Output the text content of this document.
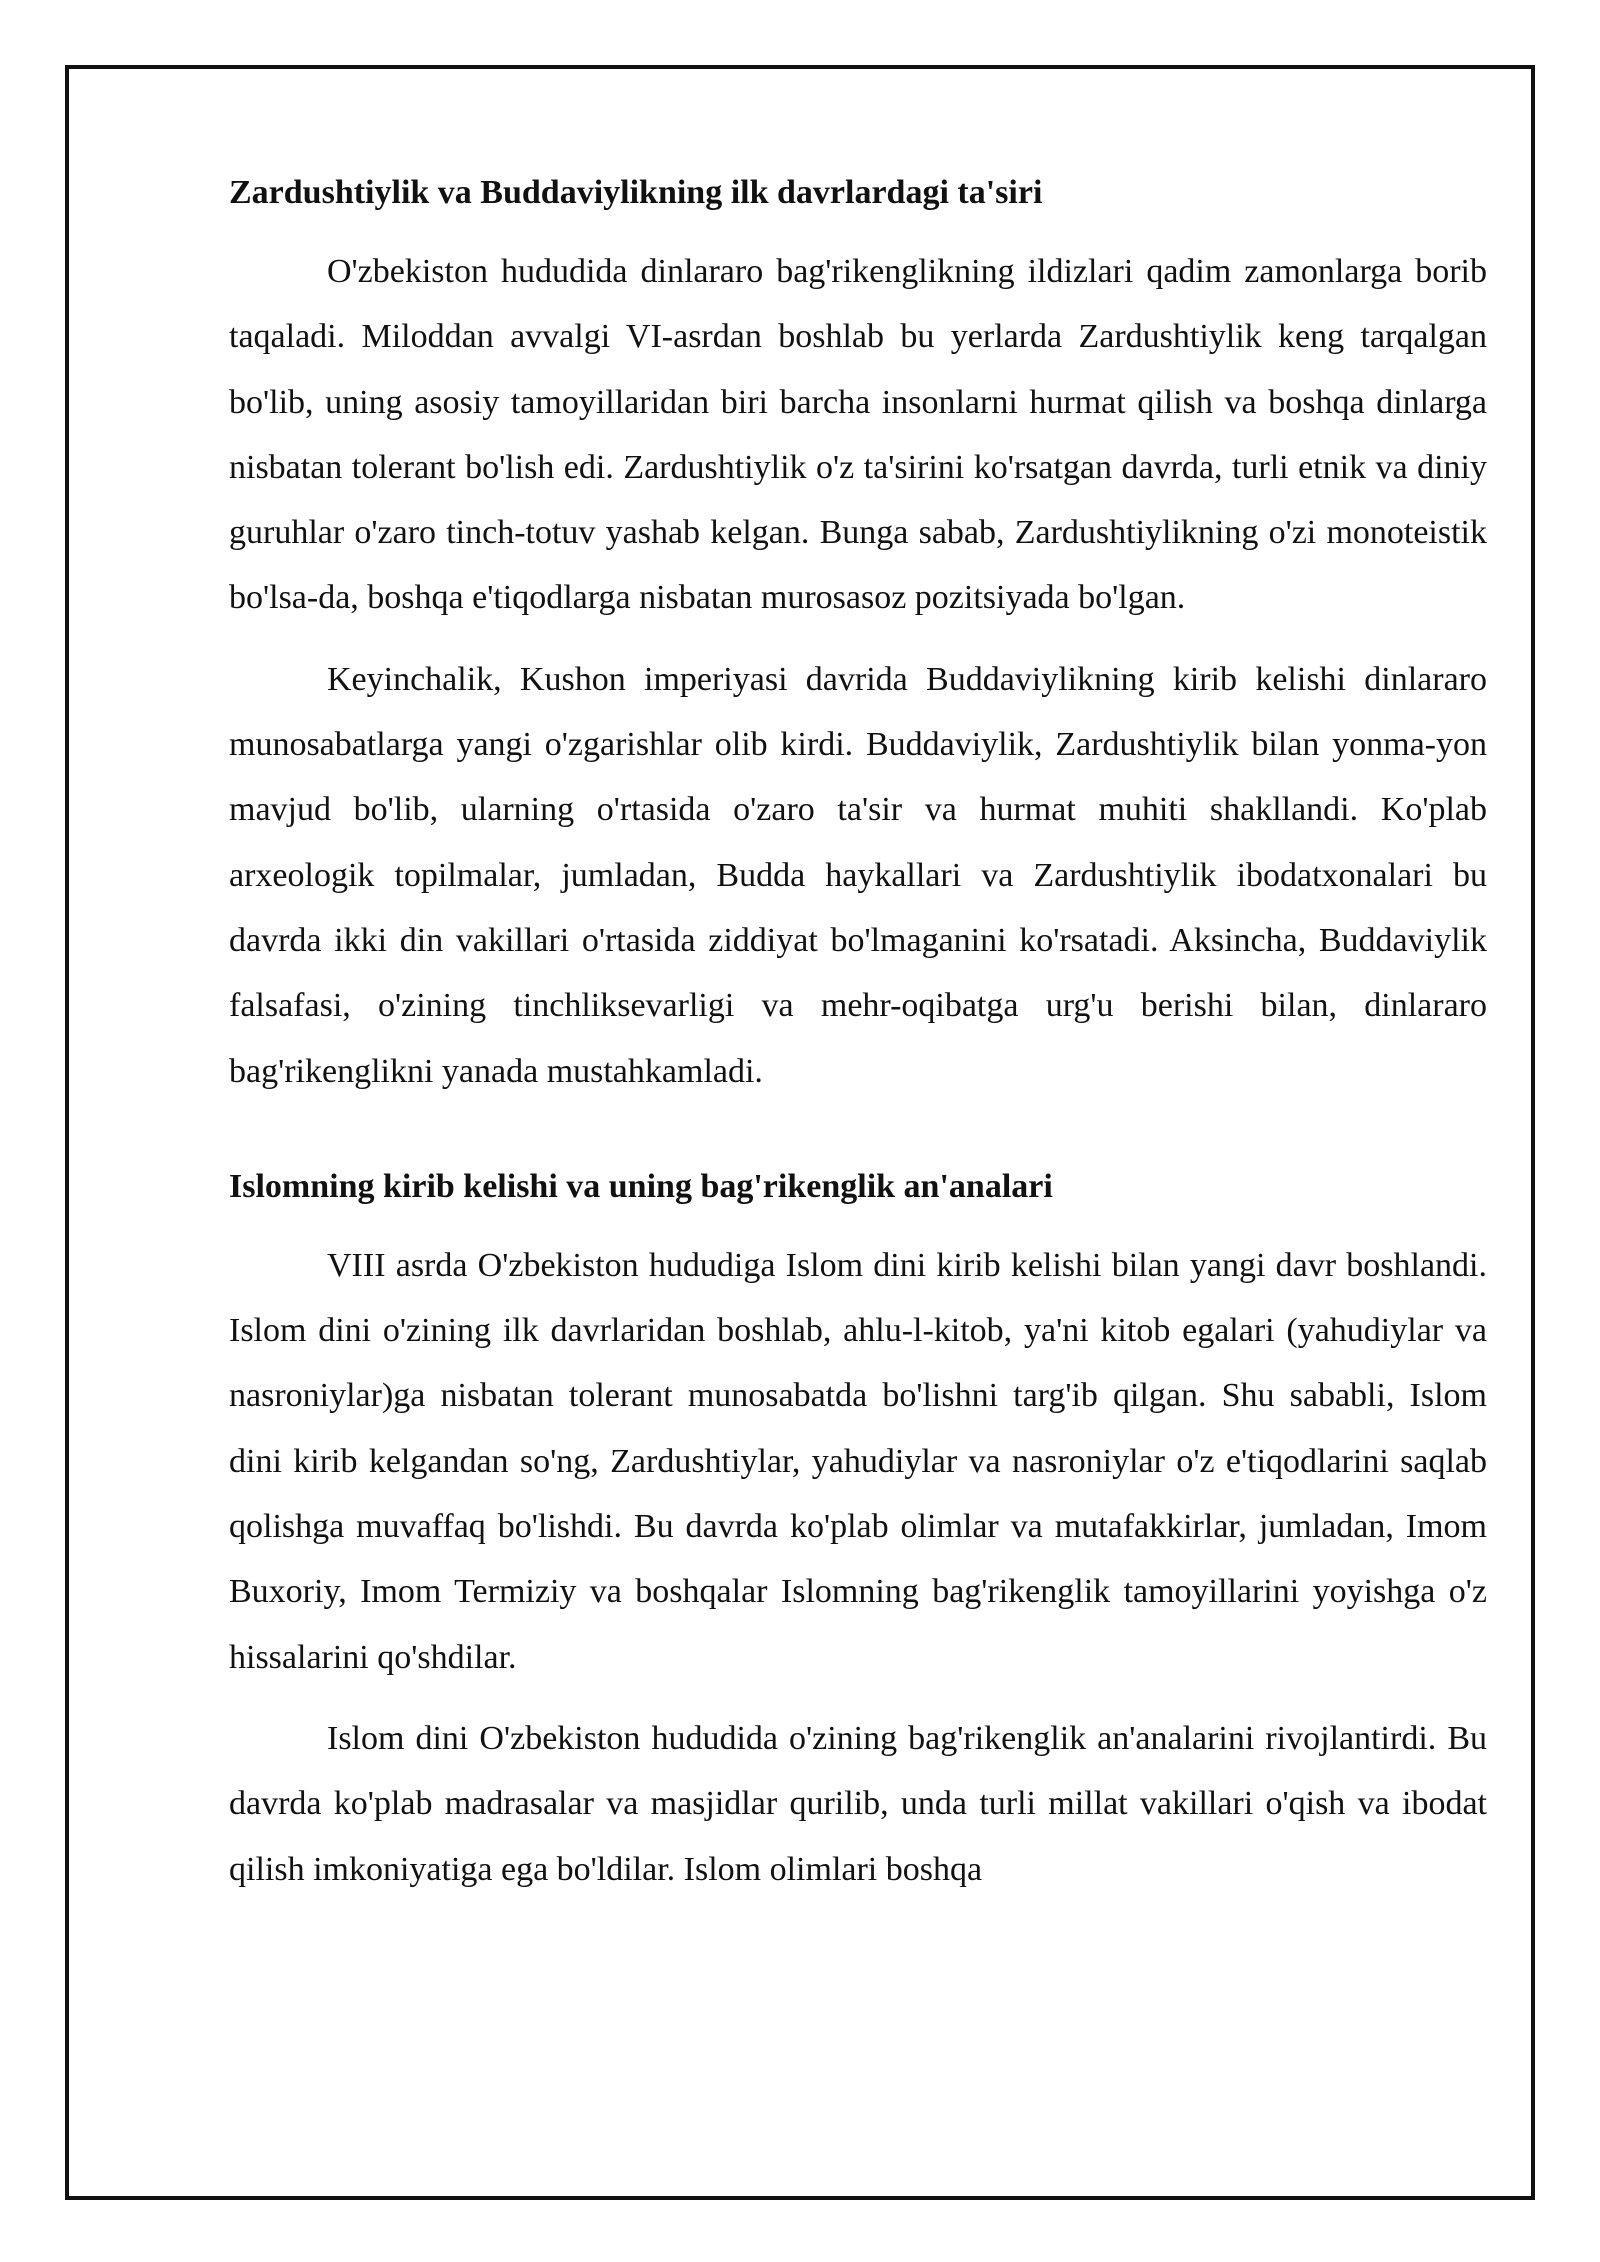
Zardushtiylik va Buddaviylikning ilk davrlardagi ta'siri

O'zbekiston hududida dinlararo bag'rikenglikning ildizlari qadim zamonlarga borib taqaladi. Miloddan avvalgi VI-asrdan boshlab bu yerlarda Zardushtiylik keng tarqalgan bo'lib, uning asosiy tamoyillaridan biri barcha insonlarni hurmat qilish va boshqa dinlarga nisbatan tolerant bo'lish edi. Zardushtiylik o'z ta'sirini ko'rsatgan davrda, turli etnik va diniy guruhlar o'zaro tinch-totuv yashab kelgan. Bunga sabab, Zardushtiylikning o'zi monoteistik bo'lsa-da, boshqa e'tiqodlarga nisbatan murosasoz pozitsiyada bo'lgan.

Keyinchalik, Kushon imperiyasi davrida Buddaviylikning kirib kelishi dinlararo munosabatlarga yangi o'zgarishlar olib kirdi. Buddaviylik, Zardushtiylik bilan yonma-yon mavjud bo'lib, ularning o'rtasida o'zaro ta'sir va hurmat muhiti shakllandi. Ko'plab arxeologik topilmalar, jumladan, Budda haykallari va Zardushtiylik ibodatxonalari bu davrda ikki din vakillari o'rtasida ziddiyat bo'lmaganini ko'rsatadi. Aksincha, Buddaviylik falsafasi, o'zining tinchliksevarligi va mehr-oqibatga urg'u berishi bilan, dinlararo bag'rikenglikni yanada mustahkamladi.

Islomning kirib kelishi va uning bag'rikenglik an'analari

VIII asrda O'zbekiston hududiga Islom dini kirib kelishi bilan yangi davr boshlandi. Islom dini o'zining ilk davrlaridan boshlab, ahlu-l-kitob, ya'ni kitob egalari (yahudiylar va nasroniylar)ga nisbatan tolerant munosabatda bo'lishni targ'ib qilgan. Shu sababli, Islom dini kirib kelgandan so'ng, Zardushtiylar, yahudiylar va nasroniylar o'z e'tiqodlarini saqlab qolishga muvaffaq bo'lishdi. Bu davrda ko'plab olimlar va mutafakkirlar, jumladan, Imom Buxoriy, Imom Termiziy va boshqalar Islomning bag'rikenglik tamoyillarini yoyishga o'z hissalarini qo'shdilar.

Islom dini O'zbekiston hududida o'zining bag'rikenglik an'analarini rivojlantirdi. Bu davrda ko'plab madrasalar va masjidlar qurilib, unda turli millat vakillari o'qish va ibodat qilish imkoniyatiga ega bo'ldilar. Islom olimlari boshqa
